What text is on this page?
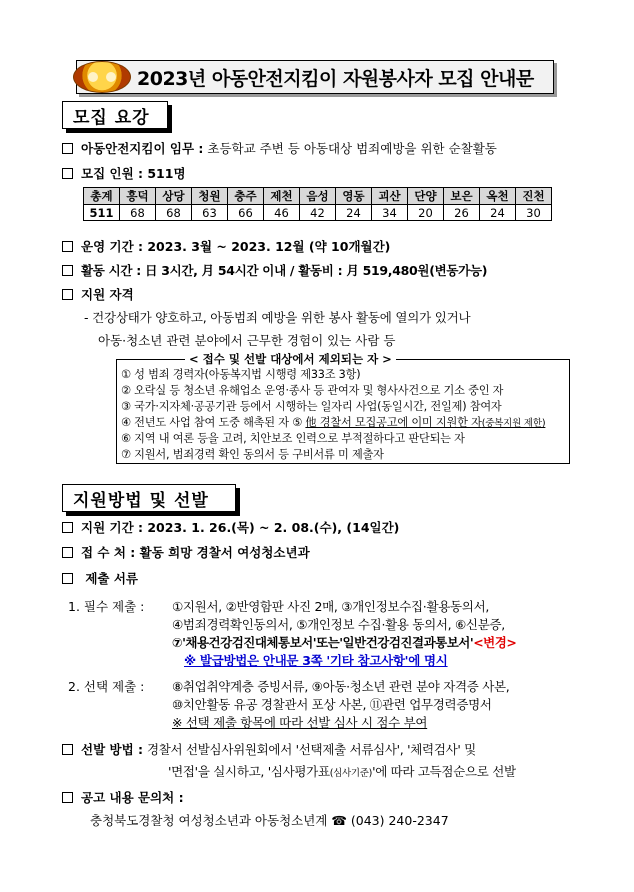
2023년 아동안전지킴이 자원봉사자 모집 안내문
모집 요강
아동안전지킴이 임무 : 초등학교 주변 등 아동대상 범죄예방을 위한 순찰활동
모집 인원 : 511명
총계	흥덕	상당	청원	충주	제천	음성	영동	괴산	단양	보은	옥천	진천
511	68	68	63	66	46	42	24	34	20	26	24	30
운영 기간 : 2023. 3월 ~ 2023. 12월 (약 10개월간)
활동 시간 : 日 3시간, 月 54시간 이내 / 활동비 : 月 519,480원(변동가능)
지원 자격
- 건강상태가 양호하고, 아동범죄 예방을 위한 봉사 활동에 열의가 있거나
아동·청소년 관련 분야에서 근무한 경험이 있는 사람 등
< 접수 및 선발 대상에서 제외되는 자 >
① 성 범죄 경력자(아동복지법 시행령 제33조 3항)
② 오락실 등 청소년 유해업소 운영·종사 등 관여자 및 형사사건으로 기소 중인 자
③ 국가·지자체·공공기관 등에서 시행하는 일자리 사업(동일시간, 전일제) 참여자
④ 전년도 사업 참여 도중 해촉된 자 ⑤ 他 경찰서 모집공고에 이미 지원한 자(중복지원 제한)
⑥ 지역 내 여론 등을 고려, 치안보조 인력으로 부적절하다고 판단되는 자
⑦ 지원서, 범죄경력 확인 동의서 등 구비서류 미 제출자
지원방법 및 선발
지원 기간 : 2023. 1. 26.(목) ~ 2. 08.(수), (14일간)
접 수 처 : 활동 희망 경찰서 여성청소년과
제출 서류
1. 필수 제출 : ①지원서, ②반영함판 사진 2매, ③개인정보수집·활용동의서,
④범죄경력확인동의서, ⑤개인정보 수집·활용 동의서, ⑥신분증,
⑦'채용건강검진대체통보서'또는'일반건강검진결과통보서'<변경>
※ 발급방법은 안내문 3쪽 '기타 참고사항'에 명시
2. 선택 제출 : ⑧취업취약계층 증빙서류, ⑨아동·청소년 관련 분야 자격증 사본,
⑩치안활동 유공 경찰관서 포상 사본, ⑪관련 업무경력증명서
※ 선택 제출 항목에 따라 선발 심사 시 점수 부여
선발 방법 : 경찰서 선발심사위원회에서 '선택제출 서류심사', '체력검사' 및
'면접'을 실시하고, '심사평가표(심사기준)'에 따라 고득점순으로 선발
공고 내용 문의처 :
충청북도경찰청 여성청소년과 아동청소년계 ☎ (043) 240-2347
